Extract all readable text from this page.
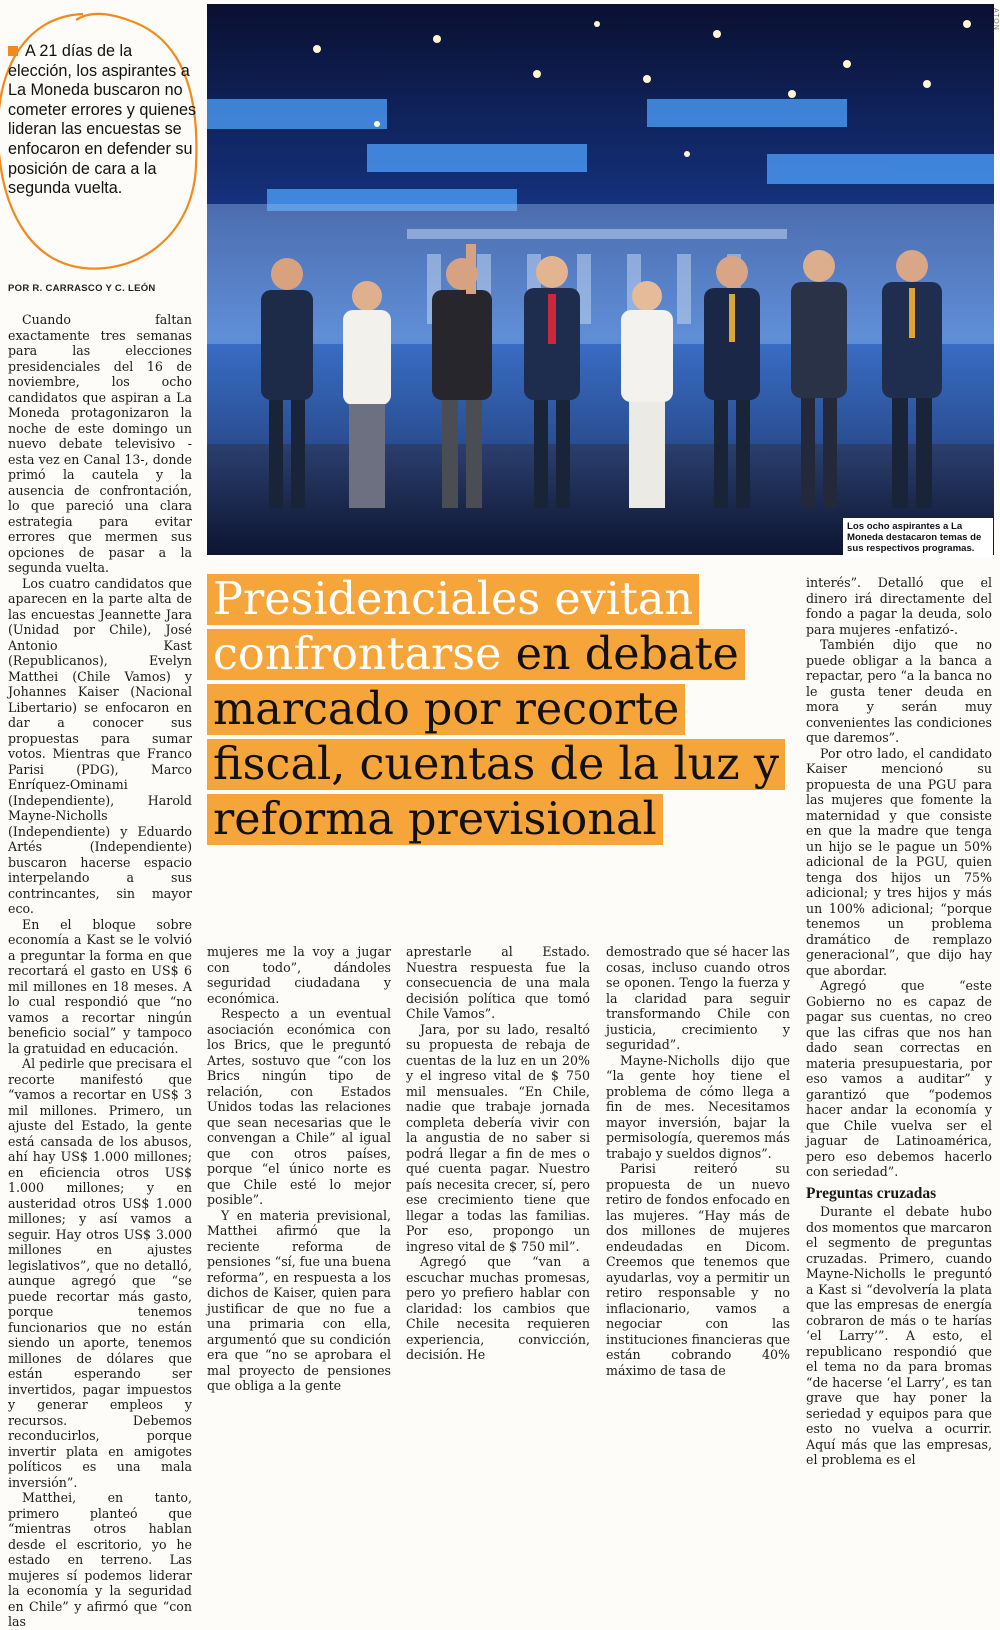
A 21 días de la elección, los aspirantes a La Moneda buscaron no cometer errores y quienes lideran las encuestas se enfocaron en defender su posición de cara a la segunda vuelta.
POR R. CARRASCO Y C. LEÓN
ATON
Los ocho aspirantes a La Moneda destacaron temas de sus respectivos programas.
Presidenciales evitan confrontarse en debate marcado por recorte fiscal, cuentas de la luz y reforma previsional

Cuando faltan exactamente tres semanas para las elecciones presidenciales del 16 de noviembre, los ocho candidatos que aspiran a La Moneda protagonizaron la noche de este domingo un nuevo debate televisivo -esta vez en Canal 13-, donde primó la cautela y la ausencia de confrontación, lo que pareció una clara estrategia para evitar errores que mermen sus opciones de pasar a la segunda vuelta.

Los cuatro candidatos que aparecen en la parte alta de las encuestas Jeannette Jara (Unidad por Chile), José Antonio Kast (Republicanos), Evelyn Matthei (Chile Vamos) y Johannes Kaiser (Nacional Libertario) se enfocaron en dar a conocer sus propuestas para sumar votos. Mientras que Franco Parisi (PDG), Marco Enríquez-Ominami (Independiente), Harold Mayne-Nicholls (Independiente) y Eduardo Artés (Independiente) buscaron hacerse espacio interpelando a sus contrincantes, sin mayor eco.

En el bloque sobre economía a Kast se le volvió a preguntar la forma en que recortará el gasto en US$ 6 mil millones en 18 meses. A lo cual respondió que “no vamos a recortar ningún beneficio social” y tampoco la gratuidad en educación.

Al pedirle que precisara el recorte manifestó que “vamos a recortar en US$ 3 mil millones. Primero, un ajuste del Estado, la gente está cansada de los abusos, ahí hay US$ 1.000 millones; en eficiencia otros US$ 1.000 millones; y en austeridad otros US$ 1.000 millones; y así vamos a seguir. Hay otros US$ 3.000 millones en ajustes legislativos”, que no detalló, aunque agregó que “se puede recortar más gasto, porque tenemos funcionarios que no están siendo un aporte, tenemos millones de dólares que están esperando ser invertidos, pagar impuestos y generar empleos y recursos. Debemos reconducirlos, porque invertir plata en amigotes políticos es una mala inversión”.

Matthei, en tanto, primero planteó que “mientras otros hablan desde el escritorio, yo he estado en terreno. Las mujeres sí podemos liderar la economía y la seguridad en Chile” y afirmó que “con las

mujeres me la voy a jugar con todo”, dándoles seguridad ciudadana y económica.

Respecto a un eventual asociación económica con los Brics, que le preguntó Artes, sostuvo que “con los Brics ningún tipo de relación, con Estados Unidos todas las relaciones que sean necesarias que le convengan a Chile” al igual que con otros países, porque “el único norte es que Chile esté lo mejor posible”.

Y en materia previsional, Matthei afirmó que la reciente reforma de pensiones “sí, fue una buena reforma”, en respuesta a los dichos de Kaiser, quien para justificar de que no fue a una primaria con ella, argumentó que su condición era que “no se aprobara el mal proyecto de pensiones que obliga a la gente

aprestarle al Estado. Nuestra respuesta fue la consecuencia de una mala decisión política que tomó Chile Vamos”.

Jara, por su lado, resaltó su propuesta de rebaja de cuentas de la luz en un 20% y el ingreso vital de $ 750 mil mensuales. “En Chile, nadie que trabaje jornada completa debería vivir con la angustia de no saber si podrá llegar a fin de mes o qué cuenta pagar. Nuestro país necesita crecer, sí, pero ese crecimiento tiene que llegar a todas las familias. Por eso, propongo un ingreso vital de $ 750 mil”.

Agregó que “van a escuchar muchas promesas, pero yo prefiero hablar con claridad: los cambios que Chile necesita requieren experiencia, convicción, decisión. He

demostrado que sé hacer las cosas, incluso cuando otros se oponen. Tengo la fuerza y la claridad para seguir transformando Chile con justicia, crecimiento y seguridad”.

Mayne-Nicholls dijo que “la gente hoy tiene el problema de cómo llega a fin de mes. Necesitamos mayor inversión, bajar la permisología, queremos más trabajo y sueldos dignos”.

Parisi reiteró su propuesta de un nuevo retiro de fondos enfocado en las mujeres. “Hay más de dos millones de mujeres endeudadas en Dicom. Creemos que tenemos que ayudarlas, voy a permitir un retiro responsable y no inflacionario, vamos a negociar con las instituciones financieras que están cobrando 40% máximo de tasa de

interés”. Detalló que el dinero irá directamente del fondo a pagar la deuda, solo para mujeres -enfatizó-.

También dijo que no puede obligar a la banca a repactar, pero “a la banca no le gusta tener deuda en mora y serán muy convenientes las condiciones que daremos”.

Por otro lado, el candidato Kaiser mencionó su propuesta de una PGU para las mujeres que fomente la maternidad y que consiste en que la madre que tenga un hijo se le pague un 50% adicional de la PGU, quien tenga dos hijos un 75% adicional; y tres hijos y más un 100% adicional; “porque tenemos un problema dramático de remplazo generacional”, que dijo hay que abordar.

Agregó que “este Gobierno no es capaz de pagar sus cuentas, no creo que las cifras que nos han dado sean correctas en materia presupuestaria, por eso vamos a auditar” y garantizó que “podemos hacer andar la economía y que Chile vuelva ser el jaguar de Latinoamérica, pero eso debemos hacerlo con seriedad”.

Preguntas cruzadas

Durante el debate hubo dos momentos que marcaron el segmento de preguntas cruzadas. Primero, cuando Mayne-Nicholls le preguntó a Kast si “devolvería la plata que las empresas de energía cobraron de más o te harías ‘el Larry’”. A esto, el republicano respondió que el tema no da para bromas “de hacerse ‘el Larry’, es tan grave que hay poner la seriedad y equipos para que esto no vuelva a ocurrir. Aquí más que las empresas, el problema es el
